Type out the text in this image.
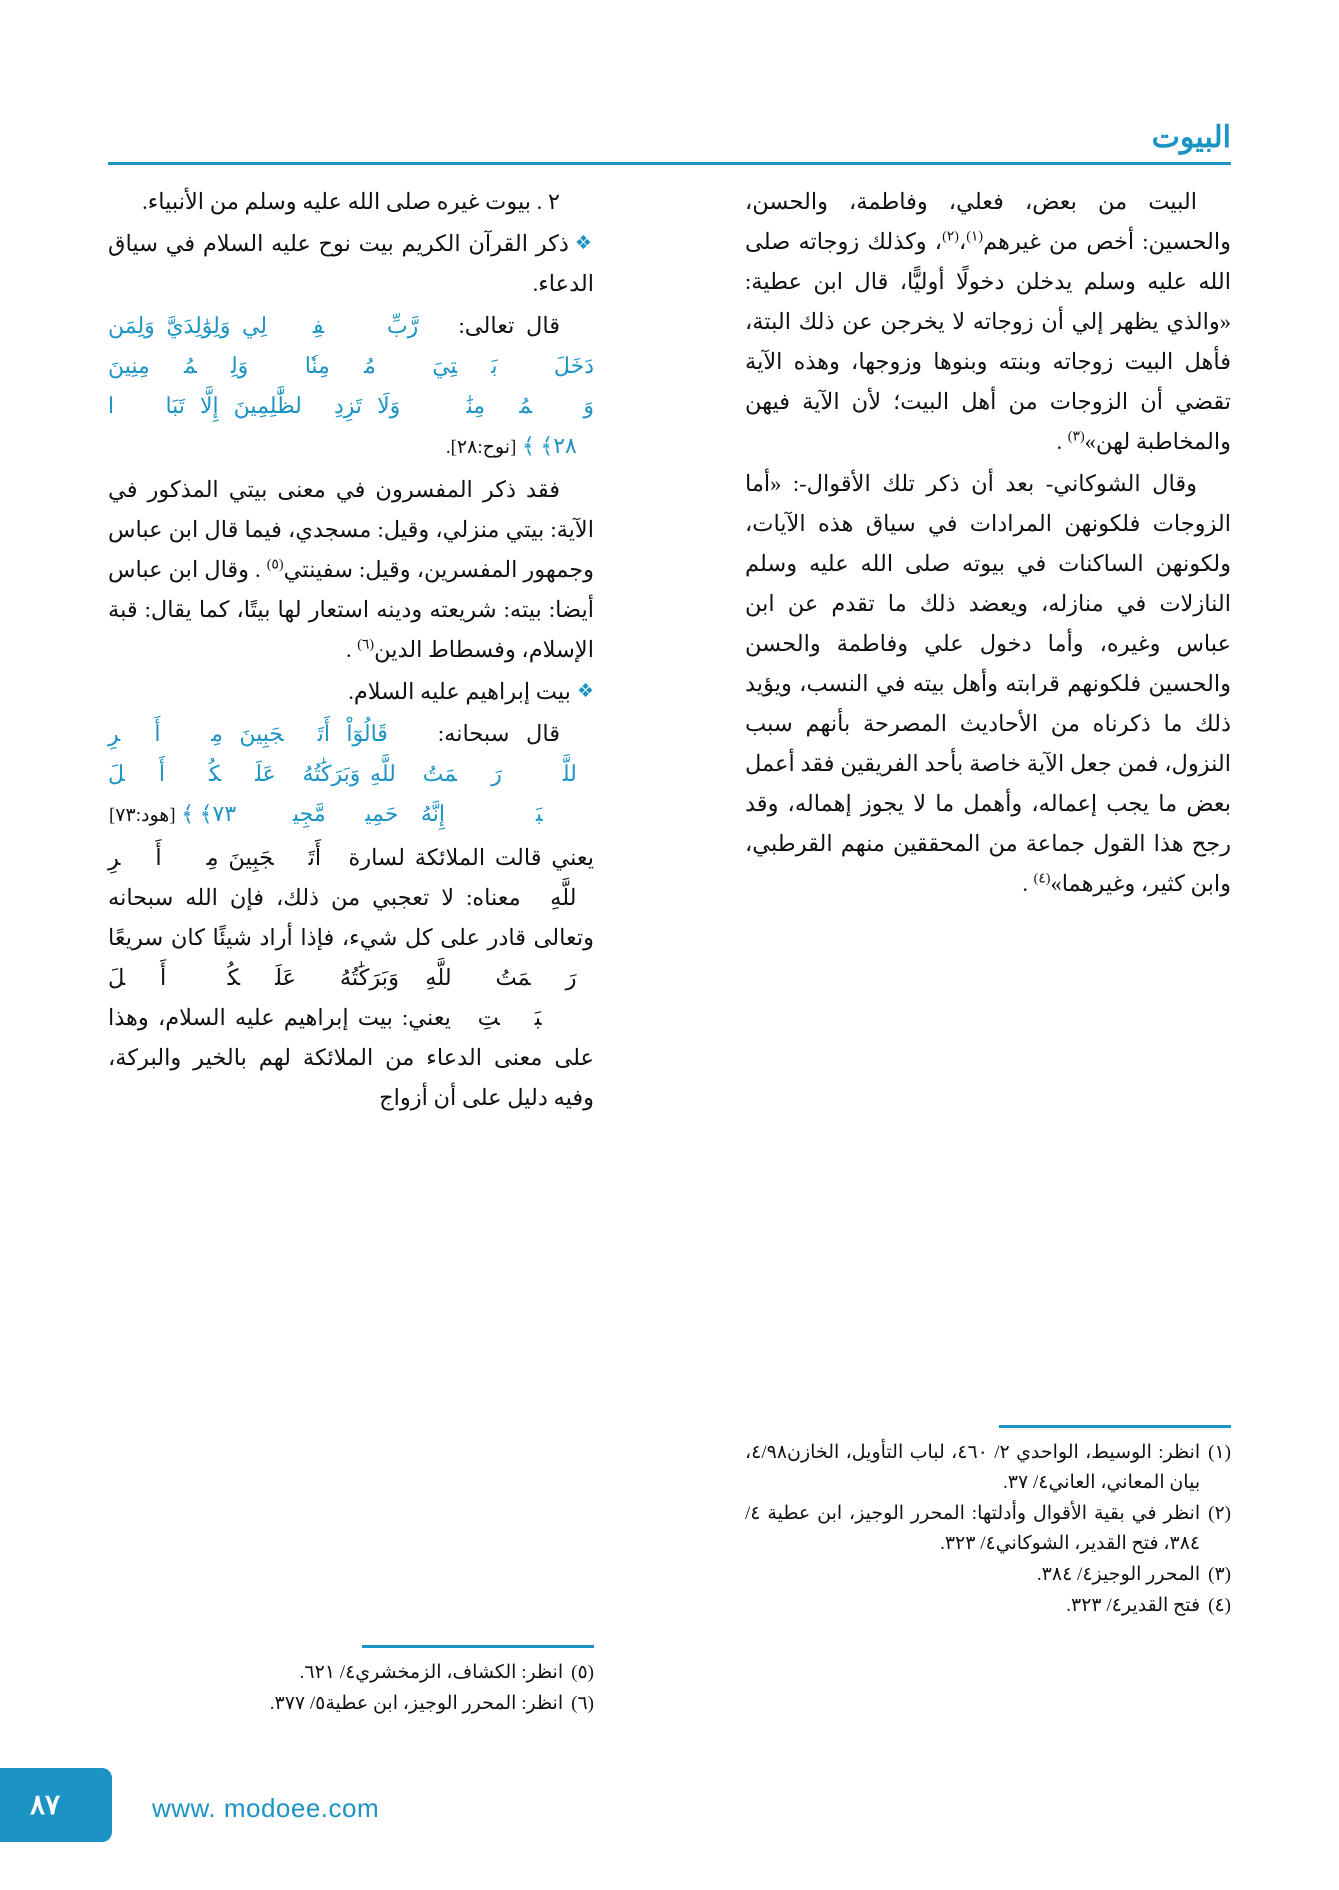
البيوت

البيت من بعض، فعلي، وفاطمة، والحسن، والحسين: أخص من غيرهم$^{(١)}$،$^{(٢)}$، وكذلك زوجاته صلى الله عليه وسلم يدخلن دخولًا أوليًّا، قال ابن عطية: «والذي يظهر إلي أن زوجاته لا يخرجن عن ذلك البتة، فأهل البيت زوجاته وبنته وبنوها وزوجها، وهذه الآية تقضي أن الزوجات من أهل البيت؛ لأن الآية فيهن والمخاطبة لهن»$^{(٣)}$ .

وقال الشوكاني- بعد أن ذكر تلك الأقوال-: «أما الزوجات فلكونهن المرادات في سياق هذه الآيات، ولكونهن الساكنات في بيوته صلى الله عليه وسلم النازلات في منازله، ويعضد ذلك ما تقدم عن ابن عباس وغيره، وأما دخول علي وفاطمة والحسن والحسين فلكونهم قرابته وأهل بيته في النسب، ويؤيد ذلك ما ذكرناه من الأحاديث المصرحة بأنهم سبب النزول، فمن جعل الآية خاصة بأحد الفريقين فقد أعمل بعض ما يجب إعماله، وأهمل ما لا يجوز إهماله، وقد رجح هذا القول جماعة من المحققين منهم القرطبي، وابن كثير، وغيرهما»$^{(٤)}$ .

٢ . بيوت غيره صلى الله عليه وسلم من الأنبياء.

❖ذكر القرآن الكريم بيت نوح عليه السلام في سياق الدعاء.

قال تعالى: ﴿ رَّبِّ ٱغۡفِرۡ لِي وَلِوَٰلِدَيَّ وَلِمَن دَخَلَ بَيۡتِيَ مُؤۡمِنٗا وَلِلۡمُؤۡمِنِينَ وَٱلۡمُؤۡمِنَٰتِۖ وَلَا تَزِدِ ٱلظَّٰلِمِينَ إِلَّا تَبَارَۢا ﴿٢٨﴾ ﴾ [نوح:٢٨].

فقد ذكر المفسرون في معنى بيتي المذكور في الآية: بيتي منزلي، وقيل: مسجدي، فيما قال ابن عباس وجمهور المفسرين، وقيل: سفينتي$^{(٥)}$ . وقال ابن عباس أيضا: بيته: شريعته ودينه استعار لها بيتًا، كما يقال: قبة الإسلام، وفسطاط الدين$^{(٦)}$ .

❖بيت إبراهيم عليه السلام.

قال سبحانه: ﴿ قَالُوٓاْ أَتَعۡجَبِينَ مِنۡ أَمۡرِ ٱللَّهِۖ رَحۡمَتُ ٱللَّهِ وَبَرَكَٰتُهُۥ عَلَيۡكُمۡ أَهۡلَ ٱلۡبَيۡتِۚ إِنَّهُۥ حَمِيدٞ مَّجِيدٞ ﴿٧٣﴾ ﴾ [هود:٧٣]

يعني قالت الملائكة لسارة ﴿أَتَعۡجَبِينَ مِنۡ أَمۡرِ ٱللَّهِ﴾ معناه: لا تعجبي من ذلك، فإن الله سبحانه وتعالى قادر على كل شيء، فإذا أراد شيئًا كان سريعًا ﴿رَحۡمَتُ ٱللَّهِ وَبَرَكَٰتُهُۥ عَلَيۡكُمۡ أَهۡلَ ٱلۡبَيۡتِ﴾ يعني: بيت إبراهيم عليه السلام، وهذا على معنى الدعاء من الملائكة لهم بالخير والبركة، وفيه دليل على أن أزواج

(١)
انظر: الوسيط، الواحدي ٢/ ٤٦٠، لباب التأويل، الخازن٤/٩٨، بيان المعاني، العاني٤/ ٣٧.
(٢)
انظر في بقية الأقوال وأدلتها: المحرر الوجيز، ابن عطية ٤/ ٣٨٤، فتح القدير، الشوكاني٤/ ٣٢٣.
(٣)
المحرر الوجيز٤/ ٣٨٤.
(٤)
فتح القدير٤/ ٣٢٣.
(٥)
انظر: الكشاف، الزمخشري٤/ ٦٢١.
(٦)
انظر: المحرر الوجيز، ابن عطية٥/ ٣٧٧.
٨٧	www. modoee.com
